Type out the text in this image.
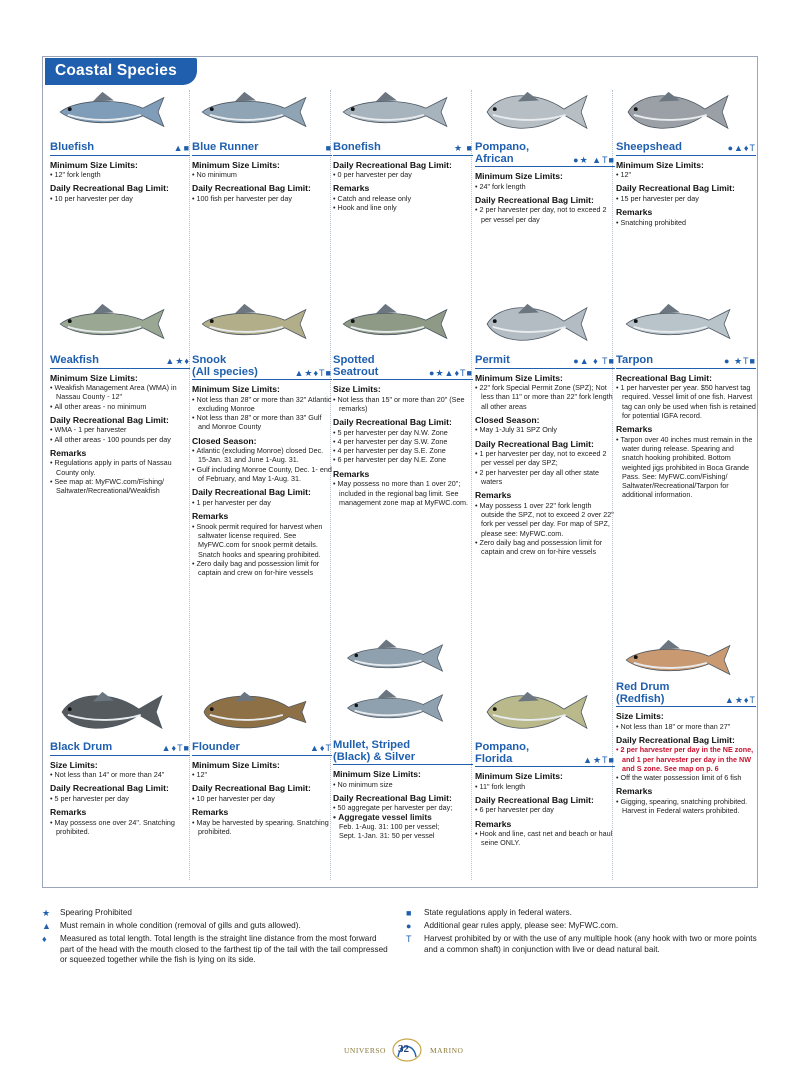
Coastal Species
Bluefish	▲■
Minimum Size Limits:
• 12" fork length
Daily Recreational Bag Limit:
• 10 per harvester per day
Blue Runner	■
Minimum Size Limits:
• No minimum
Daily Recreational Bag Limit:
• 100 fish per harvester per day
Bonefish	★ ■
Daily Recreational Bag Limit:
• 0 per harvester per day
Remarks
• Catch and release only
• Hook and line only
Pompano,
African	●★ ▲T■
Minimum Size Limits:
• 24" fork length
Daily Recreational Bag Limit:
• 2 per harvester per day, not to exceed 2 per vessel per day
Sheepshead	●▲♦T
Minimum Size Limits:
• 12"
Daily Recreational Bag Limit:
• 15 per harvester per day
Remarks
• Snatching prohibited
Weakfish	▲★♦
Minimum Size Limits:
• Weakfish Management Area (WMA) in Nassau County - 12"
• All other areas - no minimum
Daily Recreational Bag Limit:
• WMA - 1 per harvester
• All other areas - 100 pounds per day
Remarks
• Regulations apply in parts of Nassau County only.
• See map at: MyFWC.com/Fishing/ Saltwater/Recreational/Weakfish
Snook
(All species)	▲★♦T■
Minimum Size Limits:
• Not less than 28" or more than 32" Atlantic excluding Monroe
• Not less than 28" or more than 33" Gulf and Monroe County
Closed Season:
• Atlantic (excluding Monroe) closed Dec. 15-Jan. 31 and June 1-Aug. 31.
• Gulf including Monroe County, Dec. 1- end of February, and May 1-Aug. 31.
Daily Recreational Bag Limit:
• 1 per harvester per day
Remarks
• Snook permit required for harvest when saltwater license required. See MyFWC.com for snook permit details. Snatch hooks and spearing prohibited.
• Zero daily bag and possession limit for captain and crew on for-hire vessels
Spotted
Seatrout	●★▲♦T■
Size Limits:
• Not less than 15" or more than 20" (See remarks)
Daily Recreational Bag Limit:
• 5 per harvester per day N.W. Zone
• 4 per harvester per day S.W. Zone
• 4 per harvester per day S.E. Zone
• 6 per harvester per day N.E. Zone
Remarks
• May possess no more than 1 over 20"; included in the regional bag limit. See management zone map at MyFWC.com.
Permit	●▲ ♦ T■
Minimum Size Limits:
• 22" fork Special Permit Zone (SPZ); Not less than 11" or more than 22" fork length all other areas
Closed Season:
• May 1-July 31 SPZ Only
Daily Recreational Bag Limit:
• 1 per harvester per day, not to exceed 2 per vessel per day SPZ;
• 2 per harvester per day all other state waters
Remarks
• May possess 1 over 22" fork length outside the SPZ, not to exceed 2 over 22" fork per vessel per day. For map of SPZ, please see: MyFWC.com.
• Zero daily bag and possession limit for captain and crew on for-hire vessels
Tarpon	● ★T■
Recreational Bag Limit:
• 1 per harvester per year. $50 harvest tag required. Vessel limit of one fish. Harvest tag can only be used when fish is retained for potential IGFA record.
Remarks
• Tarpon over 40 inches must remain in the water during release. Spearing and snatch hooking prohibited. Bottom weighted jigs prohibited in Boca Grande Pass. See: MyFWC.com/Fishing/ Saltwater/Recreational/Tarpon for additional information.
Black Drum	▲♦T■
Size Limits:
• Not less than 14" or more than 24"
Daily Recreational Bag Limit:
• 5 per harvester per day
Remarks
• May possess one over 24". Snatching prohibited.
Flounder	▲♦T
Minimum Size Limits:
• 12"
Daily Recreational Bag Limit:
• 10 per harvester per day
Remarks
• May be harvested by spearing. Snatching prohibited.
Mullet, Striped
(Black) & Silver
Minimum Size Limits:
• No minimum size
Daily Recreational Bag Limit:
• 50 aggregate per harvester per day;
• Aggregate vessel limits
Feb. 1-Aug. 31: 100 per vessel;
Sept. 1-Jan. 31: 50 per vessel
Pompano,
Florida	▲★T■
Minimum Size Limits:
• 11" fork length
Daily Recreational Bag Limit:
• 6 per harvester per day
Remarks
• Hook and line, cast net and beach or haul seine ONLY.
Red Drum
(Redfish)	▲★♦T
Size Limits:
• Not less than 18" or more than 27"
Daily Recreational Bag Limit:
• 2 per harvester per day in the NE zone, and 1 per harvester per day in the NW and S zone. See map on p. 6
• Off the water possession limit of 6 fish
Remarks
• Gigging, spearing, snatching prohibited. Harvest in Federal waters prohibited.
★ Spearing Prohibited
▲ Must remain in whole condition (removal of gills and guts allowed).
♦ Measured as total length. Total length is the straight line distance from the most forward part of the head with the mouth closed to the farthest tip of the tail with the tail compressed or squeezed together while the fish is lying on its side.
■ State regulations apply in federal waters.
● Additional gear rules apply, please see: MyFWC.com.
T Harvest prohibited by or with the use of any multiple hook (any hook with two or more points and a common shaft) in conjunction with live or dead natural bait.
UNIVERSO 32	MARINO
